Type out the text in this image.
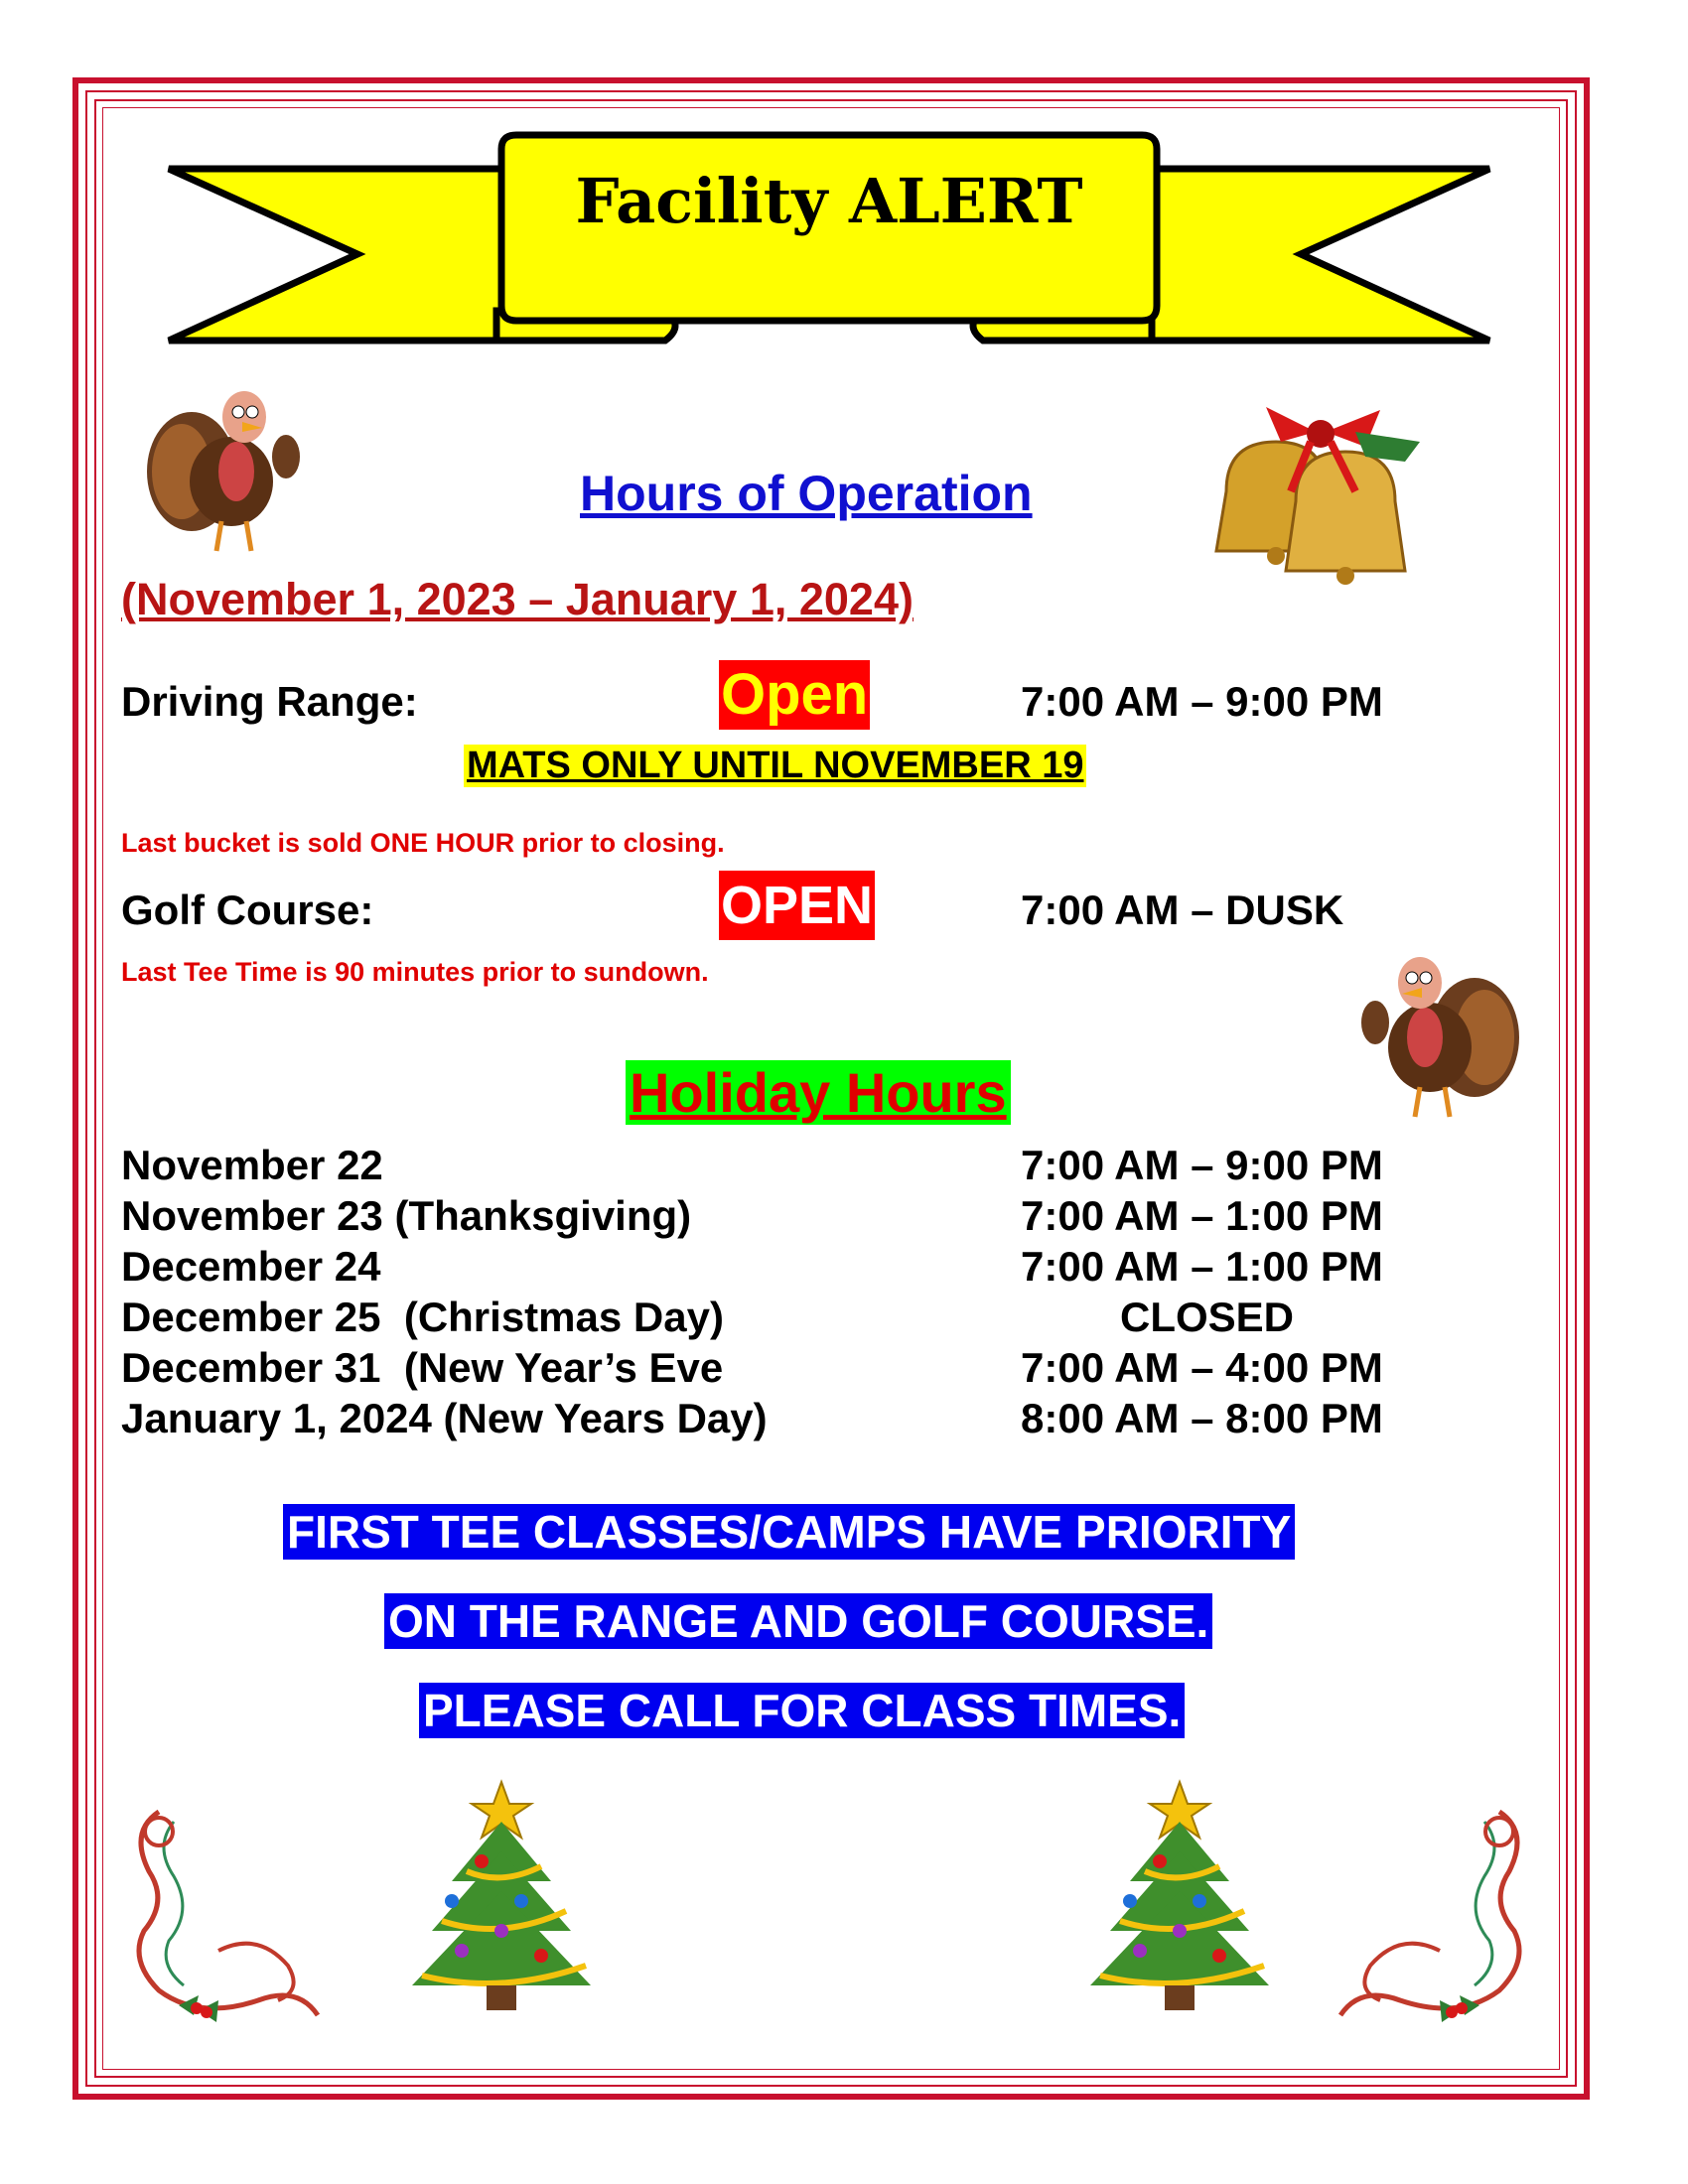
Facility ALERT
Hours of Operation
(November 1, 2023 – January 1, 2024)
Driving Range:	Open	7:00 AM – 9:00 PM
MATS ONLY UNTIL NOVEMBER 19
Last bucket is sold ONE HOUR prior to closing.
Golf Course:	OPEN	7:00 AM – DUSK
Last Tee Time is 90 minutes prior to sundown.
Holiday Hours
November 22	7:00 AM – 9:00 PM
November 23 (Thanksgiving)	7:00 AM – 1:00 PM
December 24	7:00 AM – 1:00 PM
December 25  (Christmas Day)	CLOSED
December 31  (New Year’s Eve	7:00 AM – 4:00 PM
January 1, 2024 (New Years Day)	8:00 AM – 8:00 PM
FIRST TEE CLASSES/CAMPS HAVE PRIORITY
ON THE RANGE AND GOLF COURSE.
PLEASE CALL FOR CLASS TIMES.
